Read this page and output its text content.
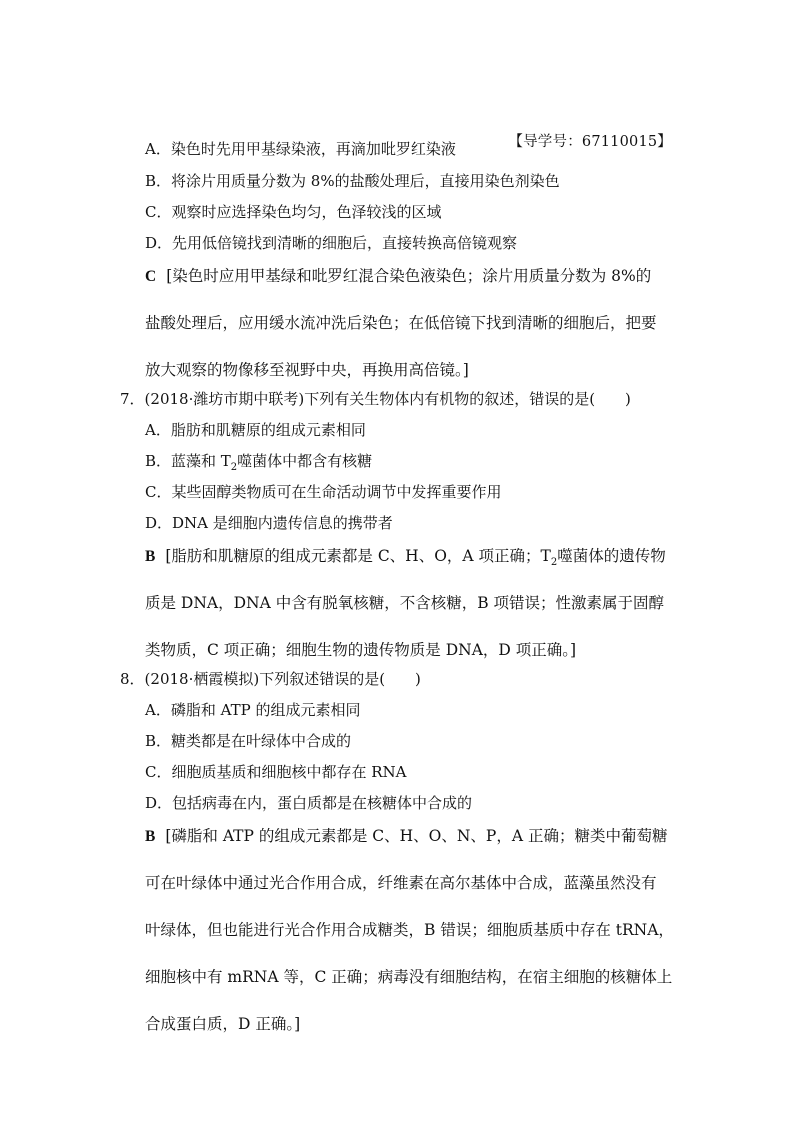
【导学号：67110015】
A．染色时先用甲基绿染液，再滴加吡罗红染液
B．将涂片用质量分数为 8%的盐酸处理后，直接用染色剂染色
C．观察时应选择染色均匀，色泽较浅的区域
D．先用低倍镜找到清晰的细胞后，直接转换高倍镜观察
C [染色时应用甲基绿和吡罗红混合染色液染色；涂片用质量分数为 8%的
盐酸处理后，应用缓水流冲洗后染色；在低倍镜下找到清晰的细胞后，把要
放大观察的物像移至视野中央，再换用高倍镜。]
7．(2018·潍坊市期中联考)下列有关生物体内有机物的叙述，错误的是(　　)
A．脂肪和肌糖原的组成元素相同
B．蓝藻和 $T_2$噬菌体中都含有核糖
C．某些固醇类物质可在生命活动调节中发挥重要作用
D．DNA 是细胞内遗传信息的携带者
B [脂肪和肌糖原的组成元素都是 C、H、O，A 项正确；$T_2$噬菌体的遗传物
质是 DNA，DNA 中含有脱氧核糖，不含核糖，B 项错误；性激素属于固醇
类物质，C 项正确；细胞生物的遗传物质是 DNA，D 项正确。]
8．(2018·栖霞模拟)下列叙述错误的是(　　)
A．磷脂和 ATP 的组成元素相同
B．糖类都是在叶绿体中合成的
C．细胞质基质和细胞核中都存在 RNA
D．包括病毒在内，蛋白质都是在核糖体中合成的
B [磷脂和 ATP 的组成元素都是 C、H、O、N、P，A 正确；糖类中葡萄糖
可在叶绿体中通过光合作用合成，纤维素在高尔基体中合成，蓝藻虽然没有
叶绿体，但也能进行光合作用合成糖类，B 错误；细胞质基质中存在 tRNA，
细胞核中有 mRNA 等，C 正确；病毒没有细胞结构，在宿主细胞的核糖体上
合成蛋白质，D 正确。]
